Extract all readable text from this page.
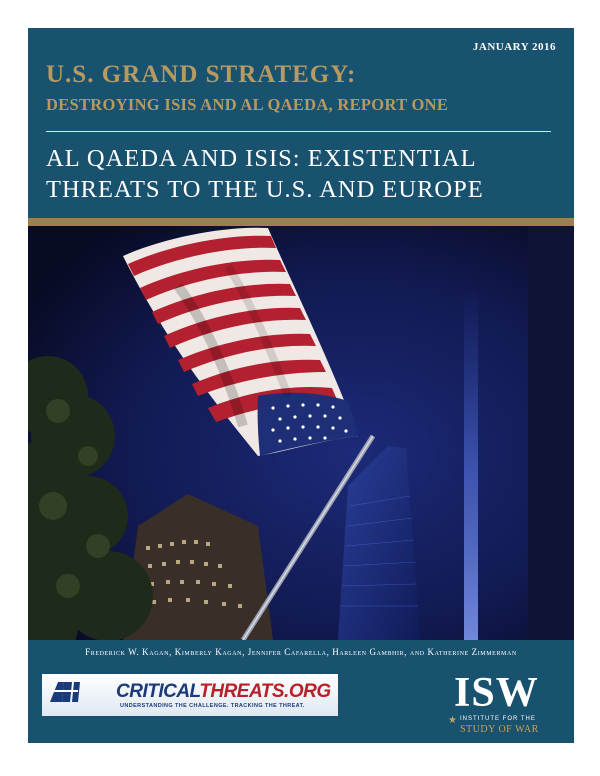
JANUARY 2016
U.S. GRAND STRATEGY:
DESTROYING ISIS AND AL QAEDA, REPORT ONE
AL QAEDA AND ISIS: EXISTENTIAL
THREATS TO THE U.S. AND EUROPE
Frederick W. Kagan, Kimberly Kagan, Jennifer Cafarella, Harleen Gambhir, and Katherine Zimmerman
CRITICALTHREATS.ORG
UNDERSTANDING THE CHALLENGE. TRACKING THE THREAT.	ISW
★ INSTITUTE FOR THE
STUDY OF WAR
